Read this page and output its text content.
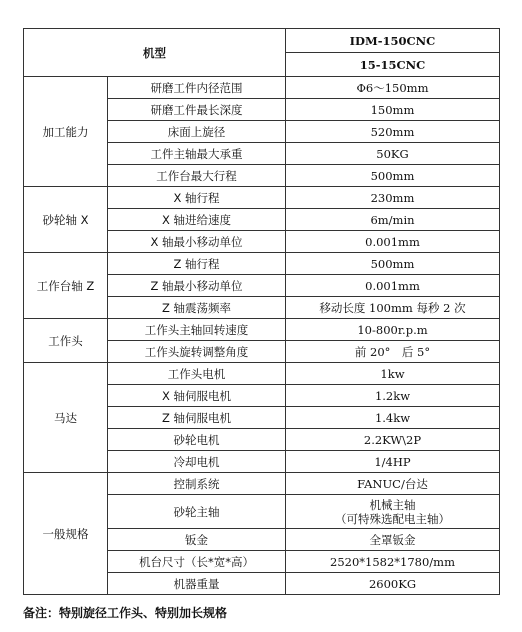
机型		IDM-150CNC
		15-15CNC
加工能力	研磨工件内径范围	Φ6～150mm
	研磨工件最长深度	150mm
	床面上旋径	520mm
	工件主轴最大承重	50KG
	工作台最大行程	500mm
砂轮轴 X	X 轴行程	230mm
	X 轴进给速度	6m/min
	X 轴最小移动单位	0.001mm
工作台轴 Z	Z 轴行程	500mm
	Z 轴最小移动单位	0.001mm
	Z 轴震荡频率	移动长度 100mm 每秒 2 次
工作头	工作头主轴回转速度	10-800r.p.m
	工作头旋转调整角度	前 20°　后 5°
马达	工作头电机	1kw
	X 轴伺服电机	1.2kw
	Z 轴伺服电机	1.4kw
	砂轮电机	2.2KW\2P
	冷却电机	1/4HP
一般规格	控制系统	FANUC/台达
	砂轮主轴	机械主轴
（可特殊选配电主轴）

	钣金	全罩钣金
	机台尺寸（长*宽*高）	2520*1582*1780/mm
	机器重量	2600KG
备注：特别旋径工作头、特别加长规格
